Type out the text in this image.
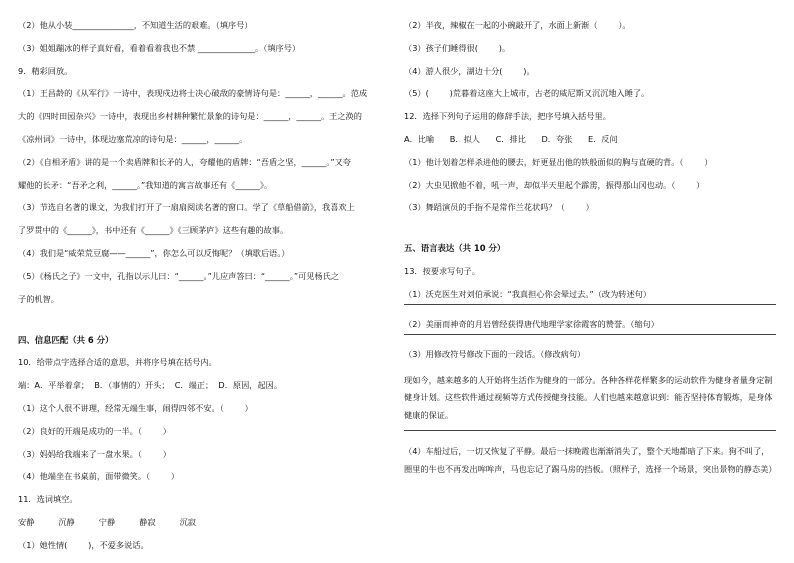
（2）他从小装_______________，不知道生活的艰难。（填序号）
（3）姐姐蹦冰的样子真好看，看着看着我也不禁 ______________。（填序号）
9．精彩回放。
（1）王昌龄的《从军行》一诗中，表现戍边将士决心破敌的豪情诗句是：______，______。范成
大的《四时田园杂兴》一诗中，表现出乡村耕种繁忙景象的诗句是：______，______。王之涣的
《凉州词》一诗中，体现边塞荒凉的诗句是：______，______。
（2）《自相矛盾》讲的是一个卖盾牌和长矛的人，夸耀他的盾牌：“吾盾之坚，______。”又夸
耀他的长矛：“吾矛之利，______。”我知道的寓言故事还有《______》。
（3）节选自名著的课文，为我们打开了一扇扇阅读名著的窗口。学了《草船借箭》，我喜欢上
了罗贯中的《______》，书中还有《______》《三顾茅庐》这些有趣的故事。
（4）我们是“威荣荒豆腐——______”，你怎么可以反悔呢？（填歇后语。）
（5）《杨氏之子》一文中，孔指以示儿曰：“______。”儿应声答曰：“______。”可见杨氏之
子的机智。
四、信息匹配（共 6 分）
10．给带点字选择合适的意思，并将序号填在括号内。
端：A．平举着拿；  B．（事情的）开头；  C．端正；  D．原因，起因。
（1）这个人很不讲理，经常无端生事，闹得四邻不安。（        ）
（2）良好的开端是成功的一半。（        ）
（3）妈妈给我端来了一盘水果。（        ）
（4）他端坐在书桌前，面带微笑。（        ）
11．选词填空。
安静	沉静	宁静	静寂	沉寂
（1）她性情(        )，不爱多说话。
（2）半夜，辣椒在一起的小碗敲开了，水面上新渐（        ）。
（3）孩子们睡得很(        )。
（4）游人很少，湖边十分(        )。
（5）(        )荒暮着这座大上城市，古老的威尼斯又沉沉地入睡了。
12．选择下列句子运用的修辞手法，把序号填入括号里。
A．比喻      B．拟人      C．排比      D．夸张      E．反问
（1）他计划着怎样杀进他的腰去，好更显出他的铁般面似的胸与直硬的背。（        ）
（2）大虫见掀他不着，吼一声，却似半天里起个霹雳，振得那山冈也动。（        ）
（3）舞蹈演员的手指不是常作兰花状吗？（        ）
五、语言表达（共 10 分）
13．按要求写句子。
（1）沃克医生对刘伯承说：“我真担心你会晕过去。”（改为转述句）
（2）美丽而神奇的月岩曾经获得唐代地理学家徐霞客的赞誉。（缩句）
（3）用修改符号修改下面的一段话。（修改病句）
现如今，越来越多的人开始将生活作为健身的一部分。各种各样花样繁多的运动软件为健身者量身定制健身计划。这些软件通过视频等方式传授健身技能。人们也越来越意识到：能否坚持体育锻炼，是身体健康的保证。
（4）车船过后，一切又恢复了平静。最后一抹晚霞也渐渐消失了，整个天地都暗了下来。狗不叫了，圈里的牛也不再发出哞哞声，马也忘记了踢马房的挡板。（照样子，选择一个场景，突出景物的静态美）
